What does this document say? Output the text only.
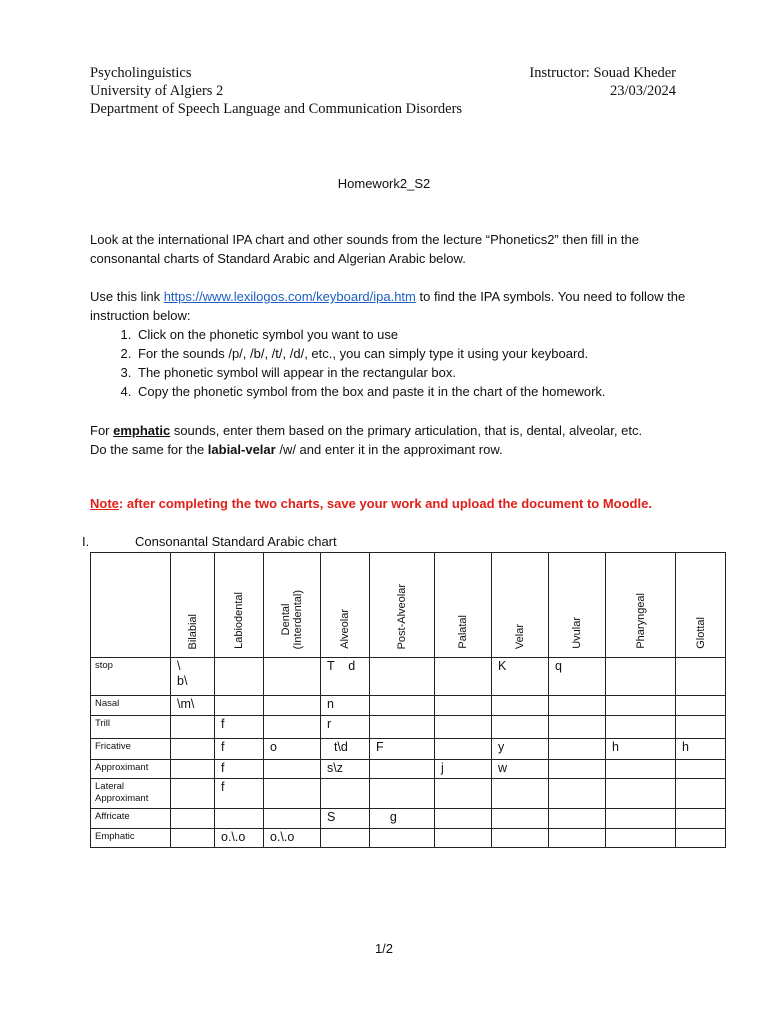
Psycholinguistics
University of Algiers 2
Department of Speech Language and Communication Disorders
Instructor: Souad Kheder
23/03/2024
Homework2_S2
Look at the international IPA chart and other sounds from the lecture “Phonetics2” then fill in the consonantal charts of Standard Arabic and Algerian Arabic below.
Use this link https://www.lexilogos.com/keyboard/ipa.htm to find the IPA symbols. You need to follow the instruction below:
1. Click on the phonetic symbol you want to use
2. For the sounds /p/, /b/, /t/, /d/, etc., you can simply type it using your keyboard.
3. The phonetic symbol will appear in the rectangular box.
4. Copy the phonetic symbol from the box and paste it in the chart of the homework.
For emphatic sounds, enter them based on the primary articulation, that is, dental, alveolar, etc.
Do the same for the labial-velar /w/ and enter it in the approximant row.
Note: after completing the two charts, save your work and upload the document to Moodle.
I.	Consonantal Standard Arabic chart

	Bilabial	Labiodental	Dental
(Interdental)	Alveolar	Post-Alveolar	Palatal	Velar	Uvular	Pharyngeal	Glottal

stop	\
b\			T    d			K	q		
Nasal	\m\			n						
Trill		f		r						
Fricative		f	o	t\d	F		y		h	h
Approximant		f		s\z		j	w			
Lateral Approximant		f								
Affricate				S	g					
Emphatic		o.\.o	o.\.o							
1/2
